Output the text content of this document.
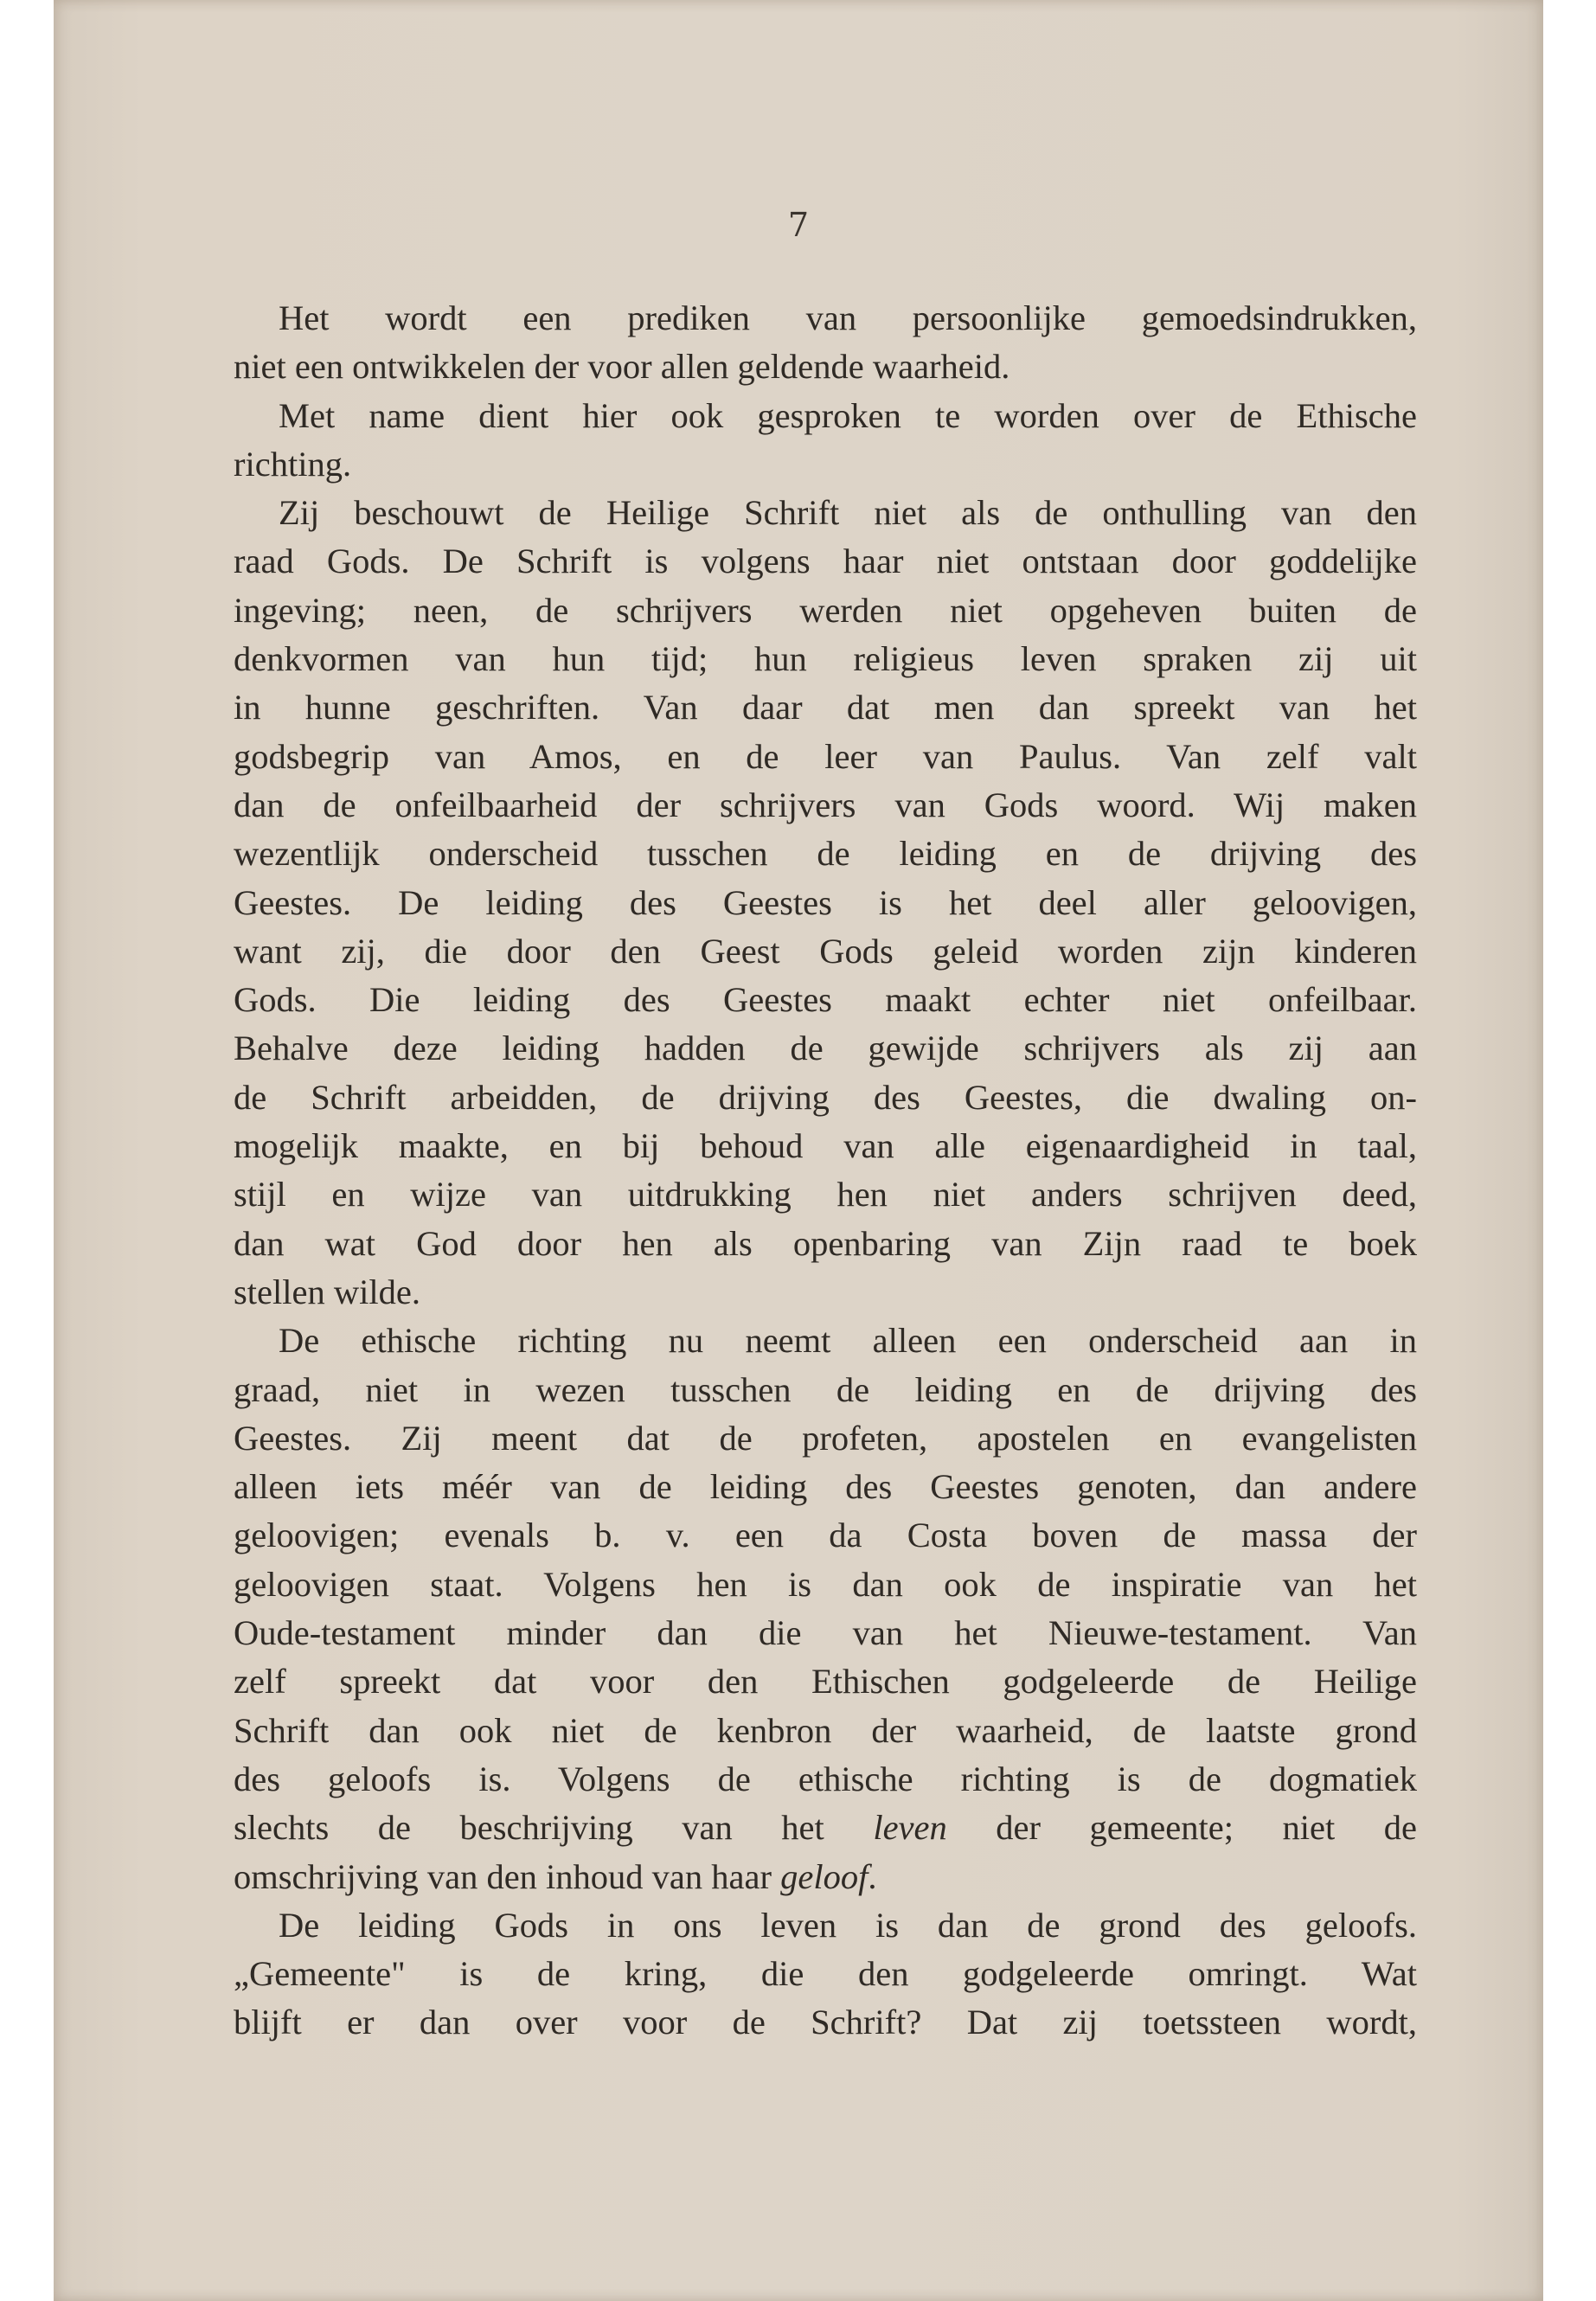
7
Het wordt een prediken van persoonlijke gemoedsindrukken,
niet een ontwikkelen der voor allen geldende waarheid.
Met name dient hier ook gesproken te worden over de Ethische
richting.
Zij beschouwt de Heilige Schrift niet als de onthulling van den
raad Gods. De Schrift is volgens haar niet ontstaan door goddelijke
ingeving; neen, de schrijvers werden niet opgeheven buiten de
denkvormen van hun tijd; hun religieus leven spraken zij uit
in hunne geschriften. Van daar dat men dan spreekt van het
godsbegrip van Amos, en de leer van Paulus. Van zelf valt
dan de onfeilbaarheid der schrijvers van Gods woord. Wij maken
wezentlijk onderscheid tusschen de leiding en de drijving des
Geestes. De leiding des Geestes is het deel aller geloovigen,
want zij, die door den Geest Gods geleid worden zijn kinderen
Gods. Die leiding des Geestes maakt echter niet onfeilbaar.
Behalve deze leiding hadden de gewijde schrijvers als zij aan
de Schrift arbeidden, de drijving des Geestes, die dwaling on-
mogelijk maakte, en bij behoud van alle eigenaardigheid in taal,
stijl en wijze van uitdrukking hen niet anders schrijven deed,
dan wat God door hen als openbaring van Zijn raad te boek
stellen wilde.
De ethische richting nu neemt alleen een onderscheid aan in
graad, niet in wezen tusschen de leiding en de drijving des
Geestes. Zij meent dat de profeten, apostelen en evangelisten
alleen iets méér van de leiding des Geestes genoten, dan andere
geloovigen; evenals b. v. een da Costa boven de massa der
geloovigen staat. Volgens hen is dan ook de inspiratie van het
Oude-testament minder dan die van het Nieuwe-testament. Van
zelf spreekt dat voor den Ethischen godgeleerde de Heilige
Schrift dan ook niet de kenbron der waarheid, de laatste grond
des geloofs is. Volgens de ethische richting is de dogmatiek
slechts de beschrijving van het leven der gemeente; niet de
omschrijving van den inhoud van haar geloof.
De leiding Gods in ons leven is dan de grond des geloofs.
„Gemeente" is de kring, die den godgeleerde omringt. Wat
blijft er dan over voor de Schrift? Dat zij toetssteen wordt,
